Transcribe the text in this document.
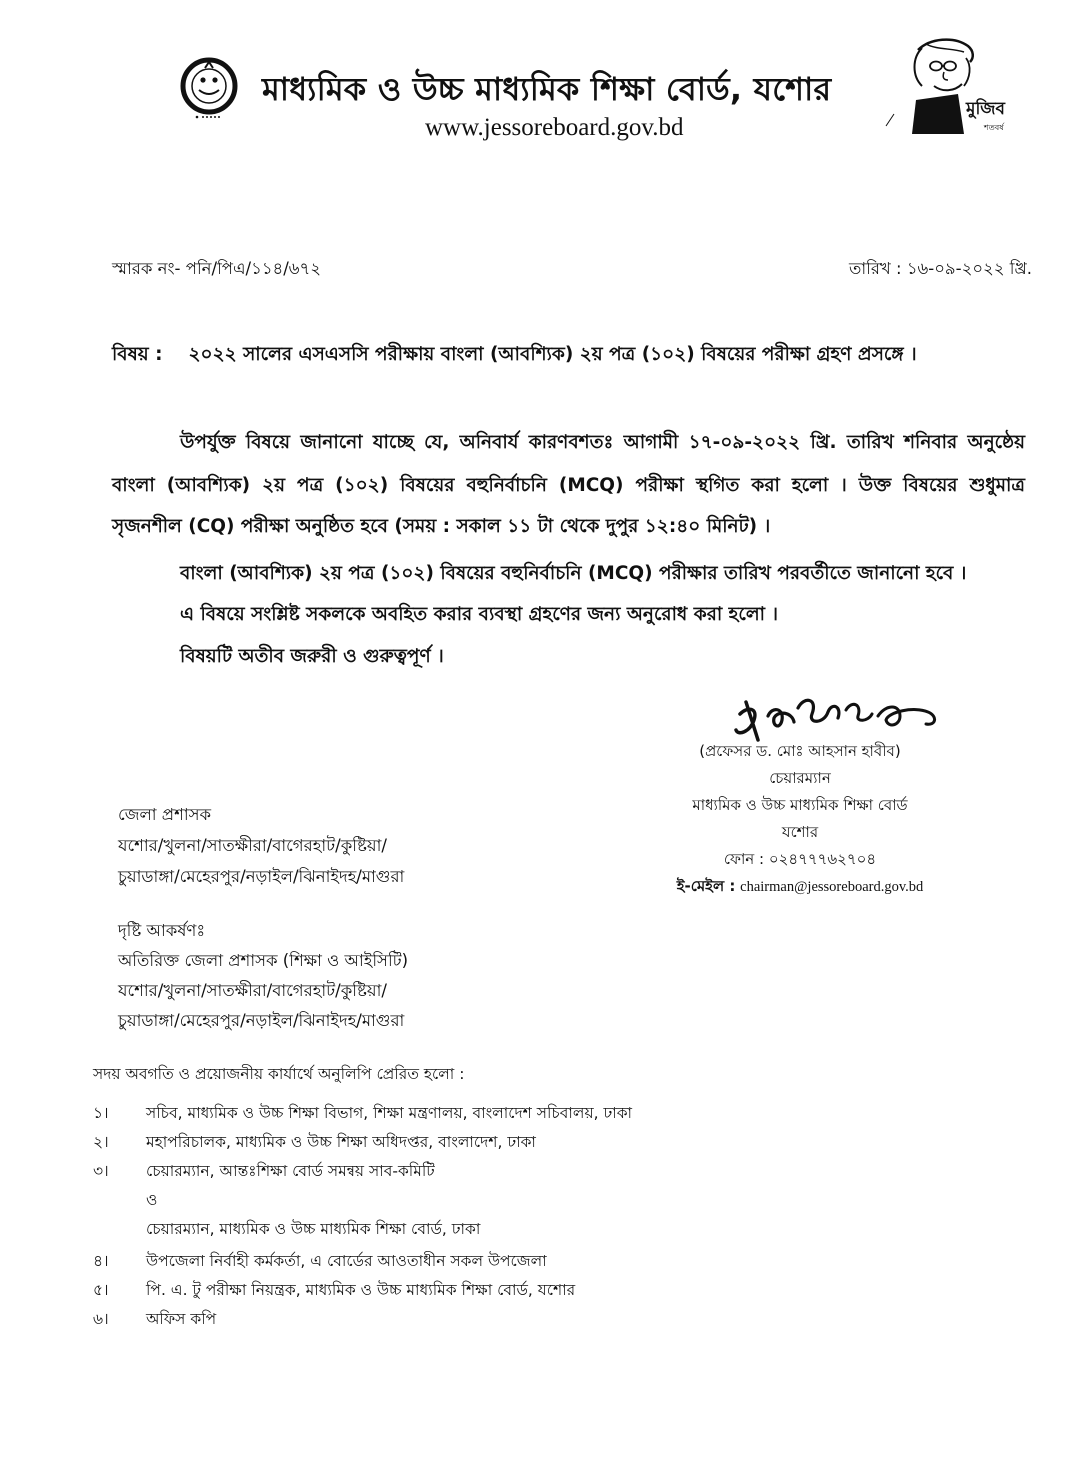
মাধ্যমিক ও উচ্চ মাধ্যমিক শিক্ষা বোর্ড, যশোর
www.jessoreboard.gov.bd
মুজিব
শতবর্ষ
স্মারক নং- পনি/পিএ/১১৪/৬৭২	তারিখ : ১৬-০৯-২০২২ খ্রি.
বিষয় : ২০২২ সালের এসএসসি পরীক্ষায় বাংলা (আবশ্যিক) ২য় পত্র (১০২) বিষয়ের পরীক্ষা গ্রহণ প্রসঙ্গে ।
উপর্যুক্ত বিষয়ে জানানো যাচ্ছে যে, অনিবার্য কারণবশতঃ আগামী ১৭-০৯-২০২২ খ্রি. তারিখ শনিবার অনুষ্ঠেয়
বাংলা (আবশ্যিক) ২য় পত্র (১০২) বিষয়ের বহুনির্বাচনি (MCQ) পরীক্ষা স্থগিত করা হলো । উক্ত বিষয়ের শুধুমাত্র
সৃজনশীল (CQ) পরীক্ষা অনুষ্ঠিত হবে (সময় : সকাল ১১ টা থেকে দুপুর ১২:৪০ মিনিট) ।
বাংলা (আবশ্যিক) ২য় পত্র (১০২) বিষয়ের বহুনির্বাচনি (MCQ) পরীক্ষার তারিখ পরবর্তীতে জানানো হবে ।
এ বিষয়ে সংশ্লিষ্ট সকলকে অবহিত করার ব্যবস্থা গ্রহণের জন্য অনুরোধ করা হলো ।
বিষয়টি অতীব জরুরী ও গুরুত্বপূর্ণ ।
(প্রফেসর ড. মোঃ আহসান হাবীব)
চেয়ারম্যান
মাধ্যমিক ও উচ্চ মাধ্যমিক শিক্ষা বোর্ড
যশোর
ফোন : ০২৪৭৭৭৬২৭০৪
ই-মেইল : chairman@jessoreboard.gov.bd
জেলা প্রশাসক
যশোর/খুলনা/সাতক্ষীরা/বাগেরহাট/কুষ্টিয়া/
চুয়াডাঙ্গা/মেহেরপুর/নড়াইল/ঝিনাইদহ/মাগুরা
দৃষ্টি আকর্ষণঃ
অতিরিক্ত জেলা প্রশাসক (শিক্ষা ও আইসিটি)
যশোর/খুলনা/সাতক্ষীরা/বাগেরহাট/কুষ্টিয়া/
চুয়াডাঙ্গা/মেহেরপুর/নড়াইল/ঝিনাইদহ/মাগুরা
সদয় অবগতি ও প্রয়োজনীয় কার্যার্থে অনুলিপি প্রেরিত হলো :
১। সচিব, মাধ্যমিক ও উচ্চ শিক্ষা বিভাগ, শিক্ষা মন্ত্রণালয়, বাংলাদেশ সচিবালয়, ঢাকা
২। মহাপরিচালক, মাধ্যমিক ও উচ্চ শিক্ষা অধিদপ্তর, বাংলাদেশ, ঢাকা
৩। চেয়ারম্যান, আন্তঃশিক্ষা বোর্ড সমন্বয় সাব-কমিটি
ও
চেয়ারম্যান, মাধ্যমিক ও উচ্চ মাধ্যমিক শিক্ষা বোর্ড, ঢাকা
৪। উপজেলা নির্বাহী কর্মকর্তা, এ বোর্ডের আওতাধীন সকল উপজেলা
৫। পি. এ. টু পরীক্ষা নিয়ন্ত্রক, মাধ্যমিক ও উচ্চ মাধ্যমিক শিক্ষা বোর্ড, যশোর
৬। অফিস কপি
